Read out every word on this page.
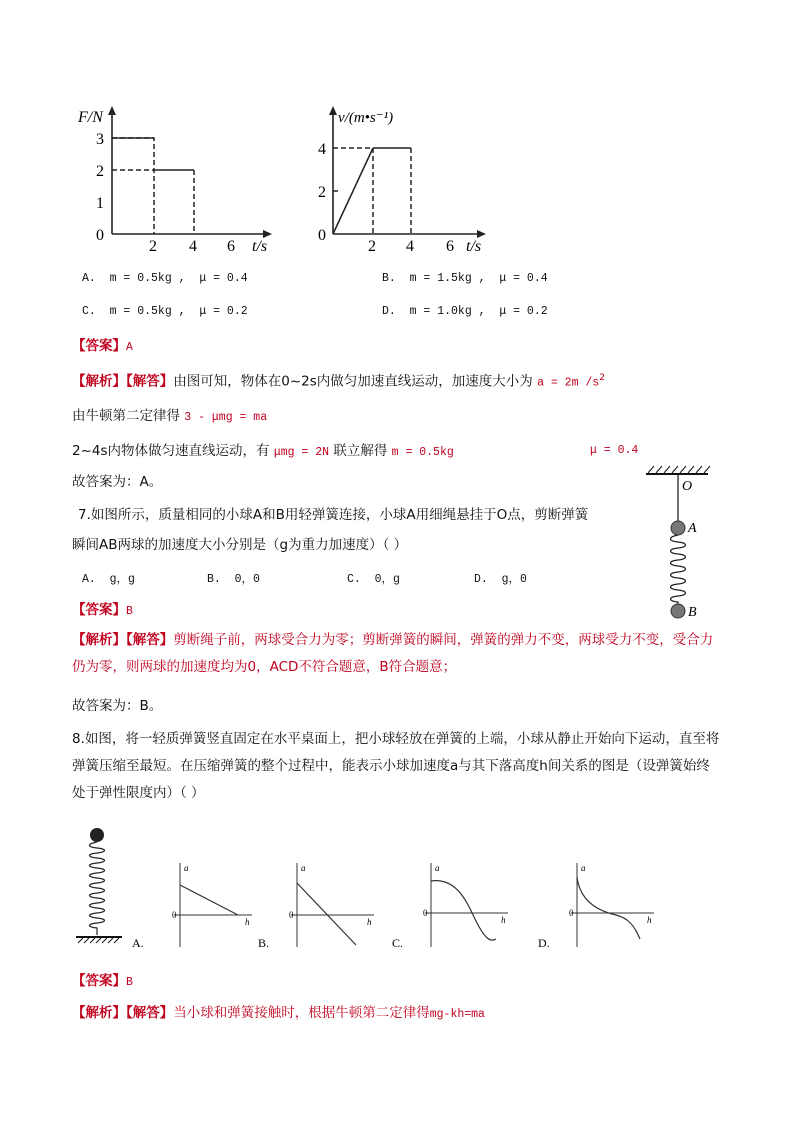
F/N
3
2
1
0
2 4 6 t/s
v/(m•s⁻¹)
4
2
0
2 4 6 t/s
A.  m = 0.5kg ,  μ = 0.4	B.  m = 1.5kg ,  μ = 0.4
C.  m = 0.5kg ,  μ = 0.2	D.  m = 1.0kg ,  μ = 0.2
【答案】A
【解析】【解答】由图可知，物体在0~2s内做匀加速直线运动，加速度大小为 a = 2m $/s^2$
由牛顿第二定律得 3 - μmg = ma
2~4s内物体做匀速直线运动，有 μmg = 2N 联立解得 m = 0.5kg	μ = 0.4
故答案为：A。	O
A
B
7.如图所示，质量相同的小球A和B用轻弹簧连接，小球A用细绳悬挂于O点，剪断弹簧
瞬间AB两球的加速度大小分别是（g为重力加速度）（ ）
A.  g，g	B.  0，0	C.  0，g	D.  g，0
【答案】B
【解析】【解答】剪断绳子前，两球受合力为零；剪断弹簧的瞬间，弹簧的弹力不变，两球受力不变，受合力仍为零，则两球的加速度均为0，ACD不符合题意，B符合题意；
故答案为：B。
8.如图，将一轻质弹簧竖直固定在水平桌面上，把小球轻放在弹簧的上端，小球从静止开始向下运动，直至将弹簧压缩至最短。在压缩弹簧的整个过程中，能表示小球加速度a与其下落高度h间关系的图是（设弹簧始终处于弹性限度内）（ ）
A.
a
h
0
B.
a
h
0
C.
a
h
0
D.
a
h
0
【答案】B
【解析】【解答】当小球和弹簧接触时，根据牛顿第二定律得mg-kh=ma
